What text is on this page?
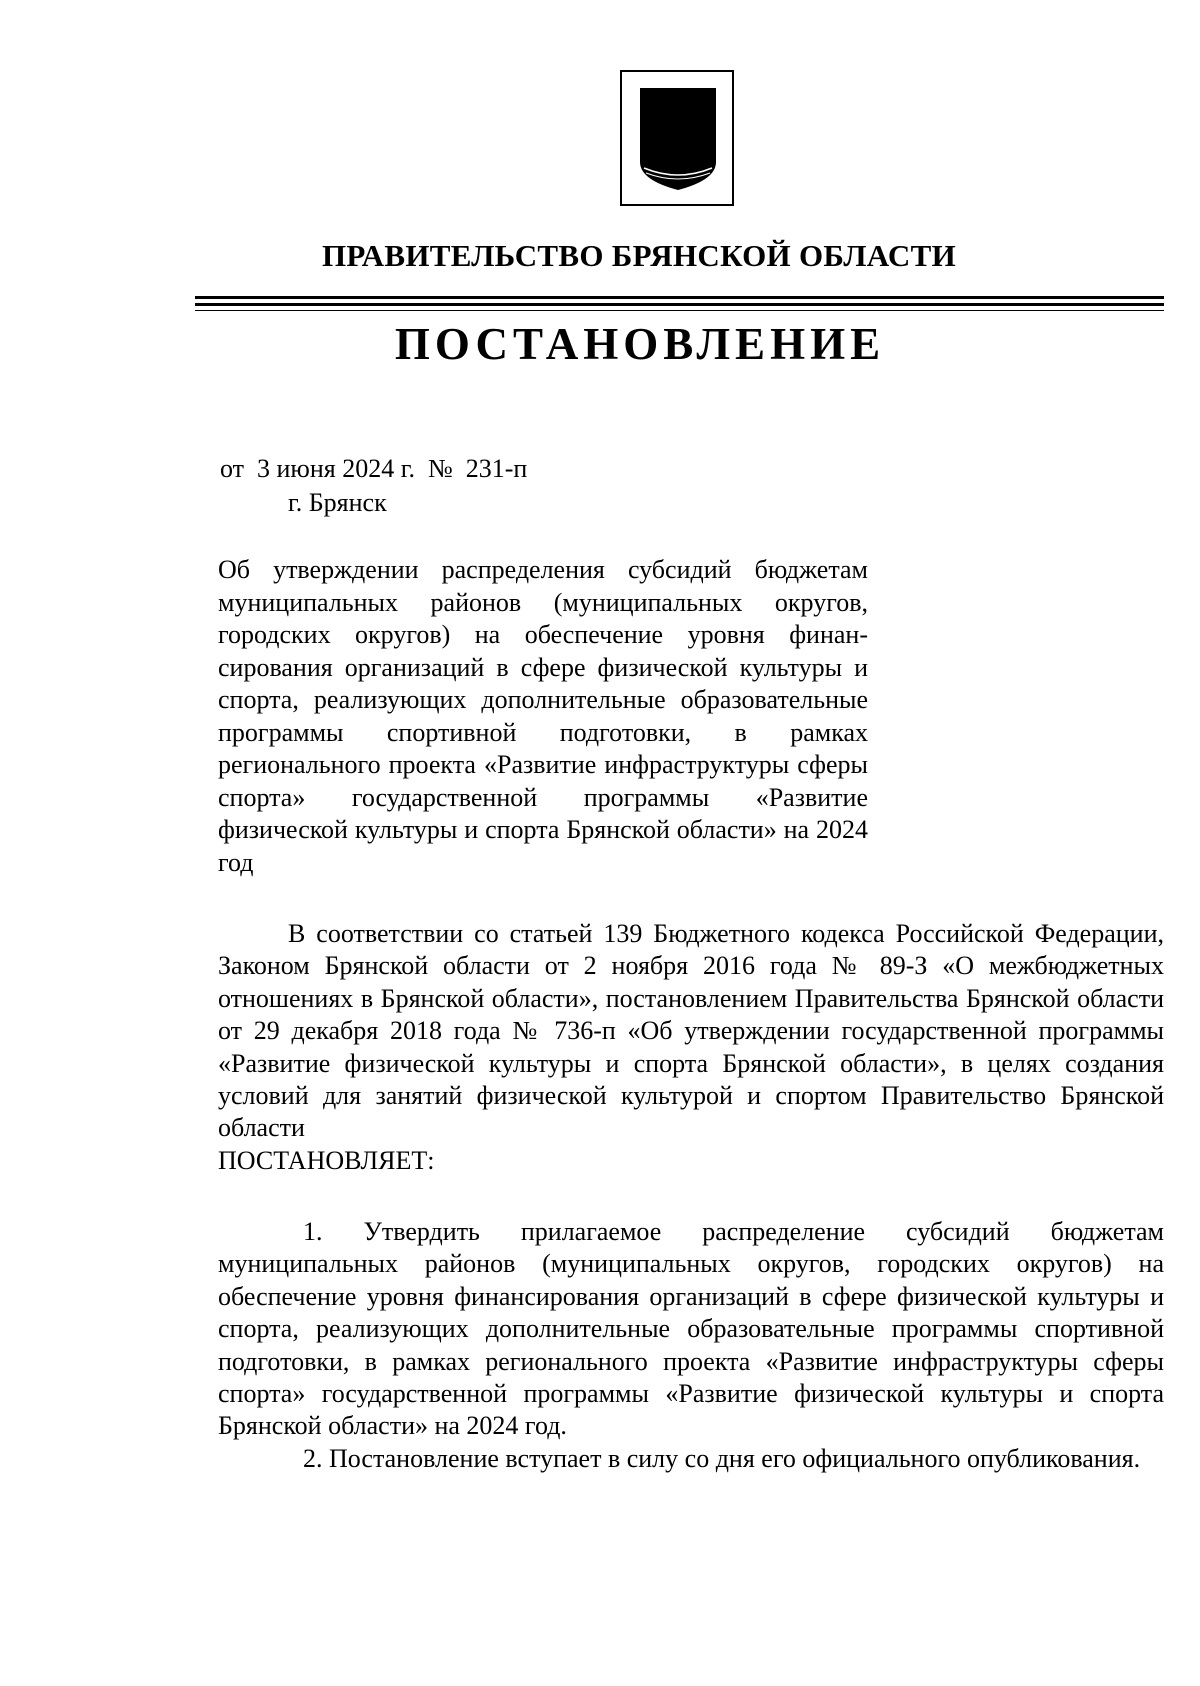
ПРАВИТЕЛЬСТВО БРЯНСКОЙ ОБЛАСТИ
ПОСТАНОВЛЕНИЕ
от  3 июня 2024 г.  №  231-п
г. Брянск

Об утверждении распределения субсидий бюджетам муниципальных районов (муниципальных округов, городских округов) на обеспечение уровня финансирования организаций в сфере физической культуры и спорта, реализующих дополнительные образовательные программы спортивной подготовки, в рамках регионального проекта «Развитие инфраструктуры сферы спорта» государственной программы «Развитие физической культуры и спорта Брянской области» на 2024 год

В соответствии со статьей 139 Бюджетного кодекса Российской Федерации, Законом Брянской области от 2 ноября 2016 года № 89-З «О межбюджетных отношениях в Брянской области», постановлением Правительства Брянской области от 29 декабря 2018 года № 736-п «Об утверждении государственной программы «Развитие физической культуры и спорта Брянской области», в целях создания условий для занятий физической культурой и спортом Правительство Брянской области

ПОСТАНОВЛЯЕТ:

1. Утвердить прилагаемое распределение субсидий бюджетам муниципальных районов (муниципальных округов, городских округов) на обеспечение уровня финансирования организаций в сфере физической культуры и спорта, реализующих дополнительные образовательные программы спортивной подготовки, в рамках регионального проекта «Развитие инфраструктуры сферы спорта» государственной программы «Развитие физической культуры и спорта Брянской области» на 2024 год.

2. Постановление вступает в силу со дня его официального опубликования.
